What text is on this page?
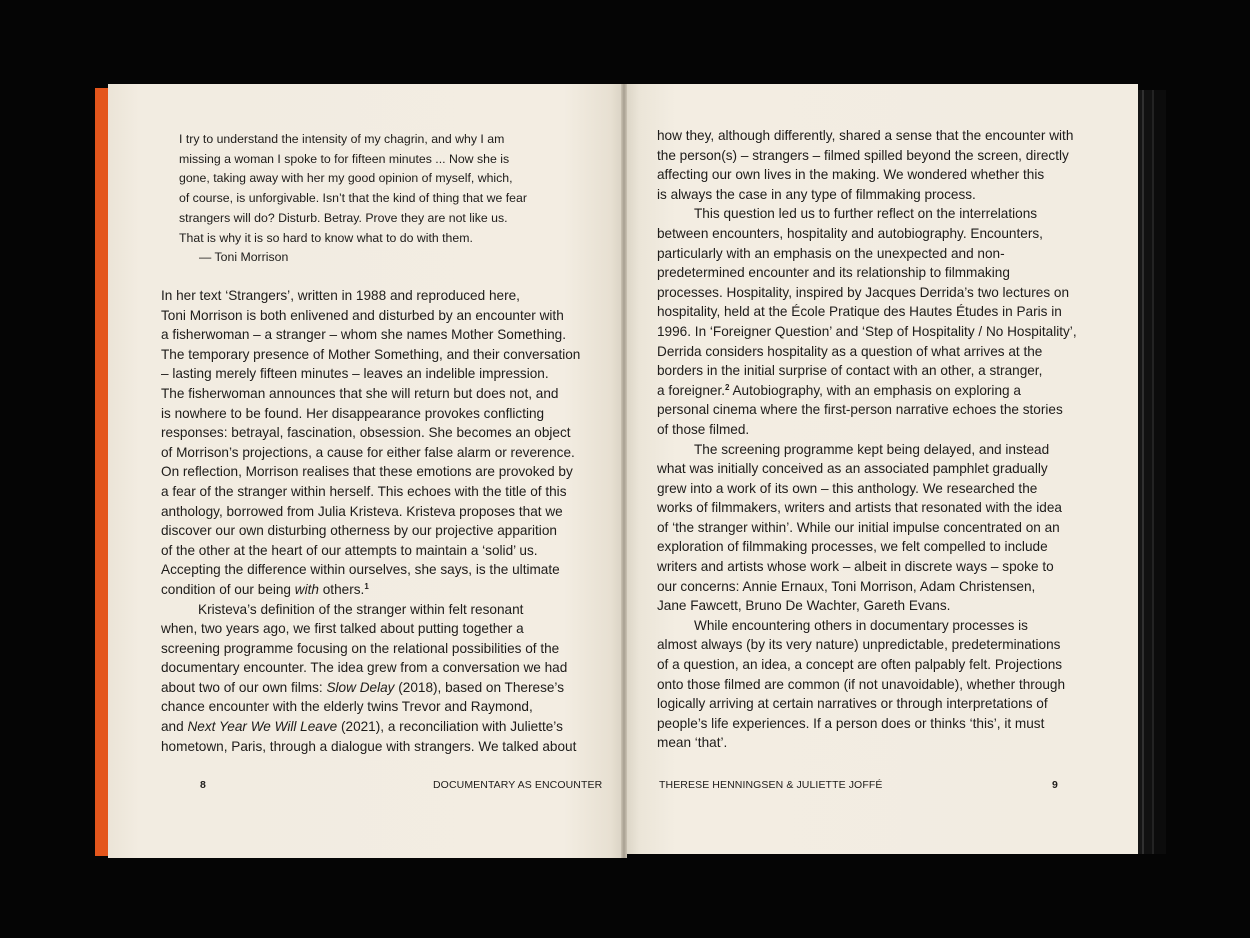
I try to understand the intensity of my chagrin, and why I am
missing a woman I spoke to for fifteen minutes ... Now she is
gone, taking away with her my good opinion of myself, which,
of course, is unforgivable. Isn’t that the kind of thing that we fear
strangers will do? Disturb. Betray. Prove they are not like us.
That is why it is so hard to know what to do with them.
— Toni Morrison
In her text ‘Strangers’, written in 1988 and reproduced here,
Toni Morrison is both enlivened and disturbed by an encounter with
a fisherwoman – a stranger – whom she names Mother Something.
The temporary presence of Mother Something, and their conversation
– lasting merely fifteen minutes – leaves an indelible impression.
The fisherwoman announces that she will return but does not, and
is nowhere to be found. Her disappearance provokes conflicting
responses: betrayal, fascination, obsession. She becomes an object
of Morrison’s projections, a cause for either false alarm or reverence.
On reflection, Morrison realises that these emotions are provoked by
a fear of the stranger within herself. This echoes with the title of this
anthology, borrowed from Julia Kristeva. Kristeva proposes that we
discover our own disturbing otherness by our projective apparition
of the other at the heart of our attempts to maintain a ‘solid’ us.
Accepting the difference within ourselves, she says, is the ultimate
condition of our being with others.$^1$
Kristeva’s definition of the stranger within felt resonant
when, two years ago, we first talked about putting together a
screening programme focusing on the relational possibilities of the
documentary encounter. The idea grew from a conversation we had
about two of our own films: Slow Delay (2018), based on Therese’s
chance encounter with the elderly twins Trevor and Raymond,
and Next Year We Will Leave (2021), a reconciliation with Juliette’s
hometown, Paris, through a dialogue with strangers. We talked about
8	DOCUMENTARY AS ENCOUNTER
how they, although differently, shared a sense that the encounter with
the person(s) – strangers – filmed spilled beyond the screen, directly
affecting our own lives in the making. We wondered whether this
is always the case in any type of filmmaking process.
This question led us to further reflect on the interrelations
between encounters, hospitality and autobiography. Encounters,
particularly with an emphasis on the unexpected and non-
predetermined encounter and its relationship to filmmaking
processes. Hospitality, inspired by Jacques Derrida’s two lectures on
hospitality, held at the École Pratique des Hautes Études in Paris in
1996. In ‘Foreigner Question’ and ‘Step of Hospitality / No Hospitality’,
Derrida considers hospitality as a question of what arrives at the
borders in the initial surprise of contact with an other, a stranger,
a foreigner.$^2$ Autobiography, with an emphasis on exploring a
personal cinema where the first-person narrative echoes the stories
of those filmed.
The screening programme kept being delayed, and instead
what was initially conceived as an associated pamphlet gradually
grew into a work of its own – this anthology. We researched the
works of filmmakers, writers and artists that resonated with the idea
of ‘the stranger within’. While our initial impulse concentrated on an
exploration of filmmaking processes, we felt compelled to include
writers and artists whose work – albeit in discrete ways – spoke to
our concerns: Annie Ernaux, Toni Morrison, Adam Christensen,
Jane Fawcett, Bruno De Wachter, Gareth Evans.
While encountering others in documentary processes is
almost always (by its very nature) unpredictable, predeterminations
of a question, an idea, a concept are often palpably felt. Projections
onto those filmed are common (if not unavoidable), whether through
logically arriving at certain narratives or through interpretations of
people’s life experiences. If a person does or thinks ‘this’, it must
mean ‘that’.
THERESE HENNINGSEN & JULIETTE JOFFÉ	9
